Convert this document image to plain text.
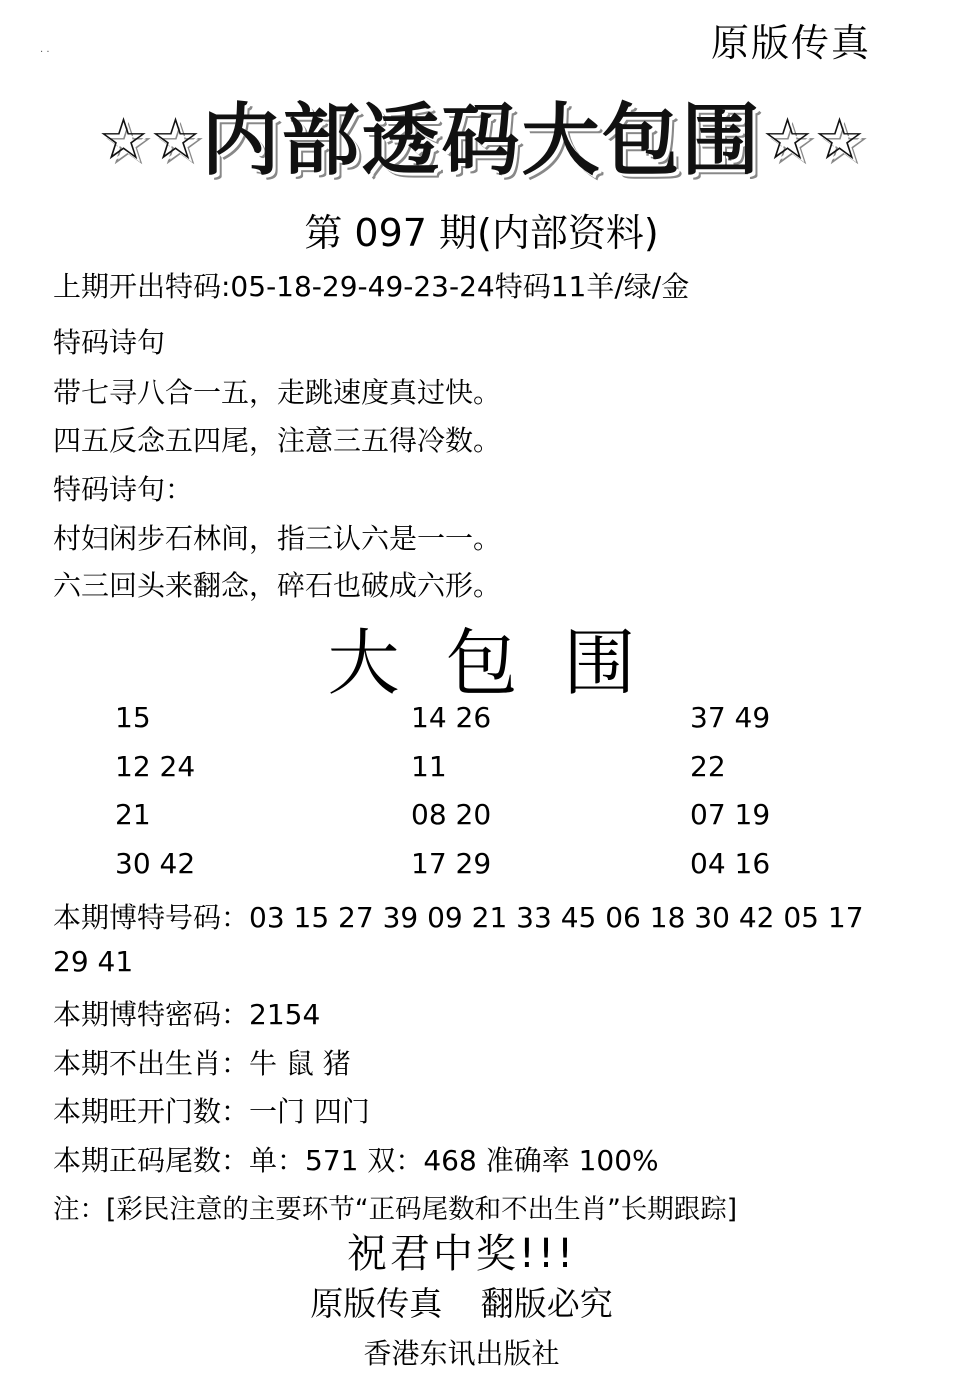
. .	原版传真
☆☆内部透码大包围☆☆
第 097 期(内部资料)
上期开出特码:05-18-29-49-23-24特码11羊/绿/金
特码诗句
带七寻八合一五，走跳速度真过快。
四五反念五四尾，注意三五得冷数。
特码诗句：
村妇闲步石林间，指三认六是一一。
六三回头来翻念，碎石也破成六形。
大包围
15	14 26	37 49
12 24	11	22
21	08 20	07 19
30 42	17 29	04 16
本期博特号码：03 15 27 39 09 21 33 45 06 18 30 42 05 17
29 41
本期博特密码：2154
本期不出生肖：牛 鼠 猪
本期旺开门数：一门 四门
本期正码尾数：单：571 双：468 准确率 100%
注：[彩民注意的主要环节“正码尾数和不出生肖”长期跟踪]
祝君中奖!!!
原版传真 翻版必究
香港东讯出版社
